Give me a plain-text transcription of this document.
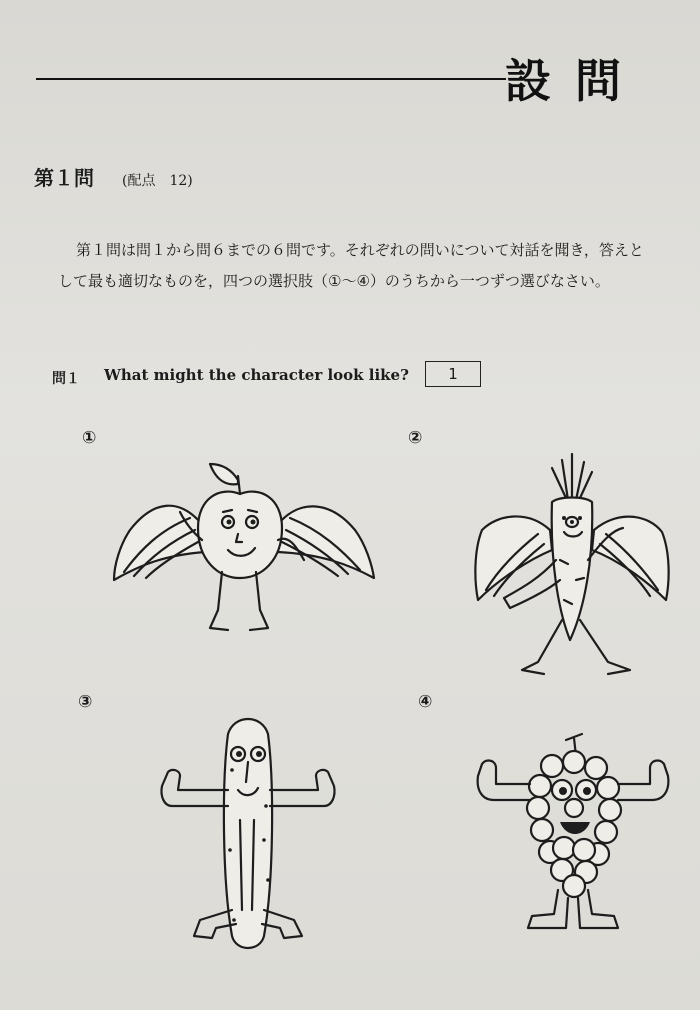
設問
第１問 (配点　12)
第１問は問１から問６までの６問です。それぞれの問いについて対話を聞き，答えとして最も適切なものを，四つの選択肢（①～④）のうちから一つずつ選びなさい。
問１ What might the character look like?	1
①	②
③	④
